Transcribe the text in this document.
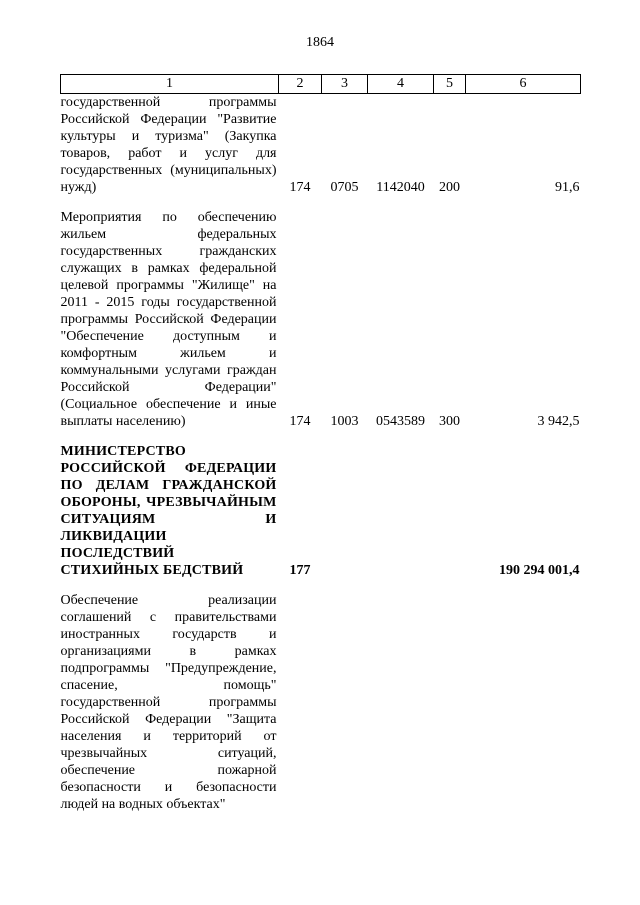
1864
1	2	3	4	5	6
государственной программы Российской Федерации "Развитие культуры и туризма" (Закупка товаров, работ и услуг для государственных (муниципальных) нужд)	174	0705	1142040	200	91,6

Мероприятия по обеспечению жильем федеральных государственных гражданских служащих в рамках федеральной целевой программы "Жилище" на 2011 - 2015 годы государственной программы Российской Федерации "Обеспечение доступным и комфортным жильем и коммунальными услугами граждан Российской Федерации" (Социальное обеспечение и иные выплаты населению)	174	1003	0543589	300	3 942,5

МИНИСТЕРСТВО РОССИЙСКОЙ ФЕДЕРАЦИИ ПО ДЕЛАМ ГРАЖДАНСКОЙ ОБОРОНЫ, ЧРЕЗВЫЧАЙНЫМ СИТУАЦИЯМ И ЛИКВИДАЦИИ ПОСЛЕДСТВИЙ СТИХИЙНЫХ БЕДСТВИЙ	177				190 294 001,4

Обеспечение реализации соглашений с правительствами иностранных государств и организациями в рамках подпрограммы "Предупреждение, спасение, помощь" государственной программы Российской Федерации "Защита населения и территорий от чрезвычайных ситуаций, обеспечение пожарной безопасности и безопасности людей на водных объектах"					
